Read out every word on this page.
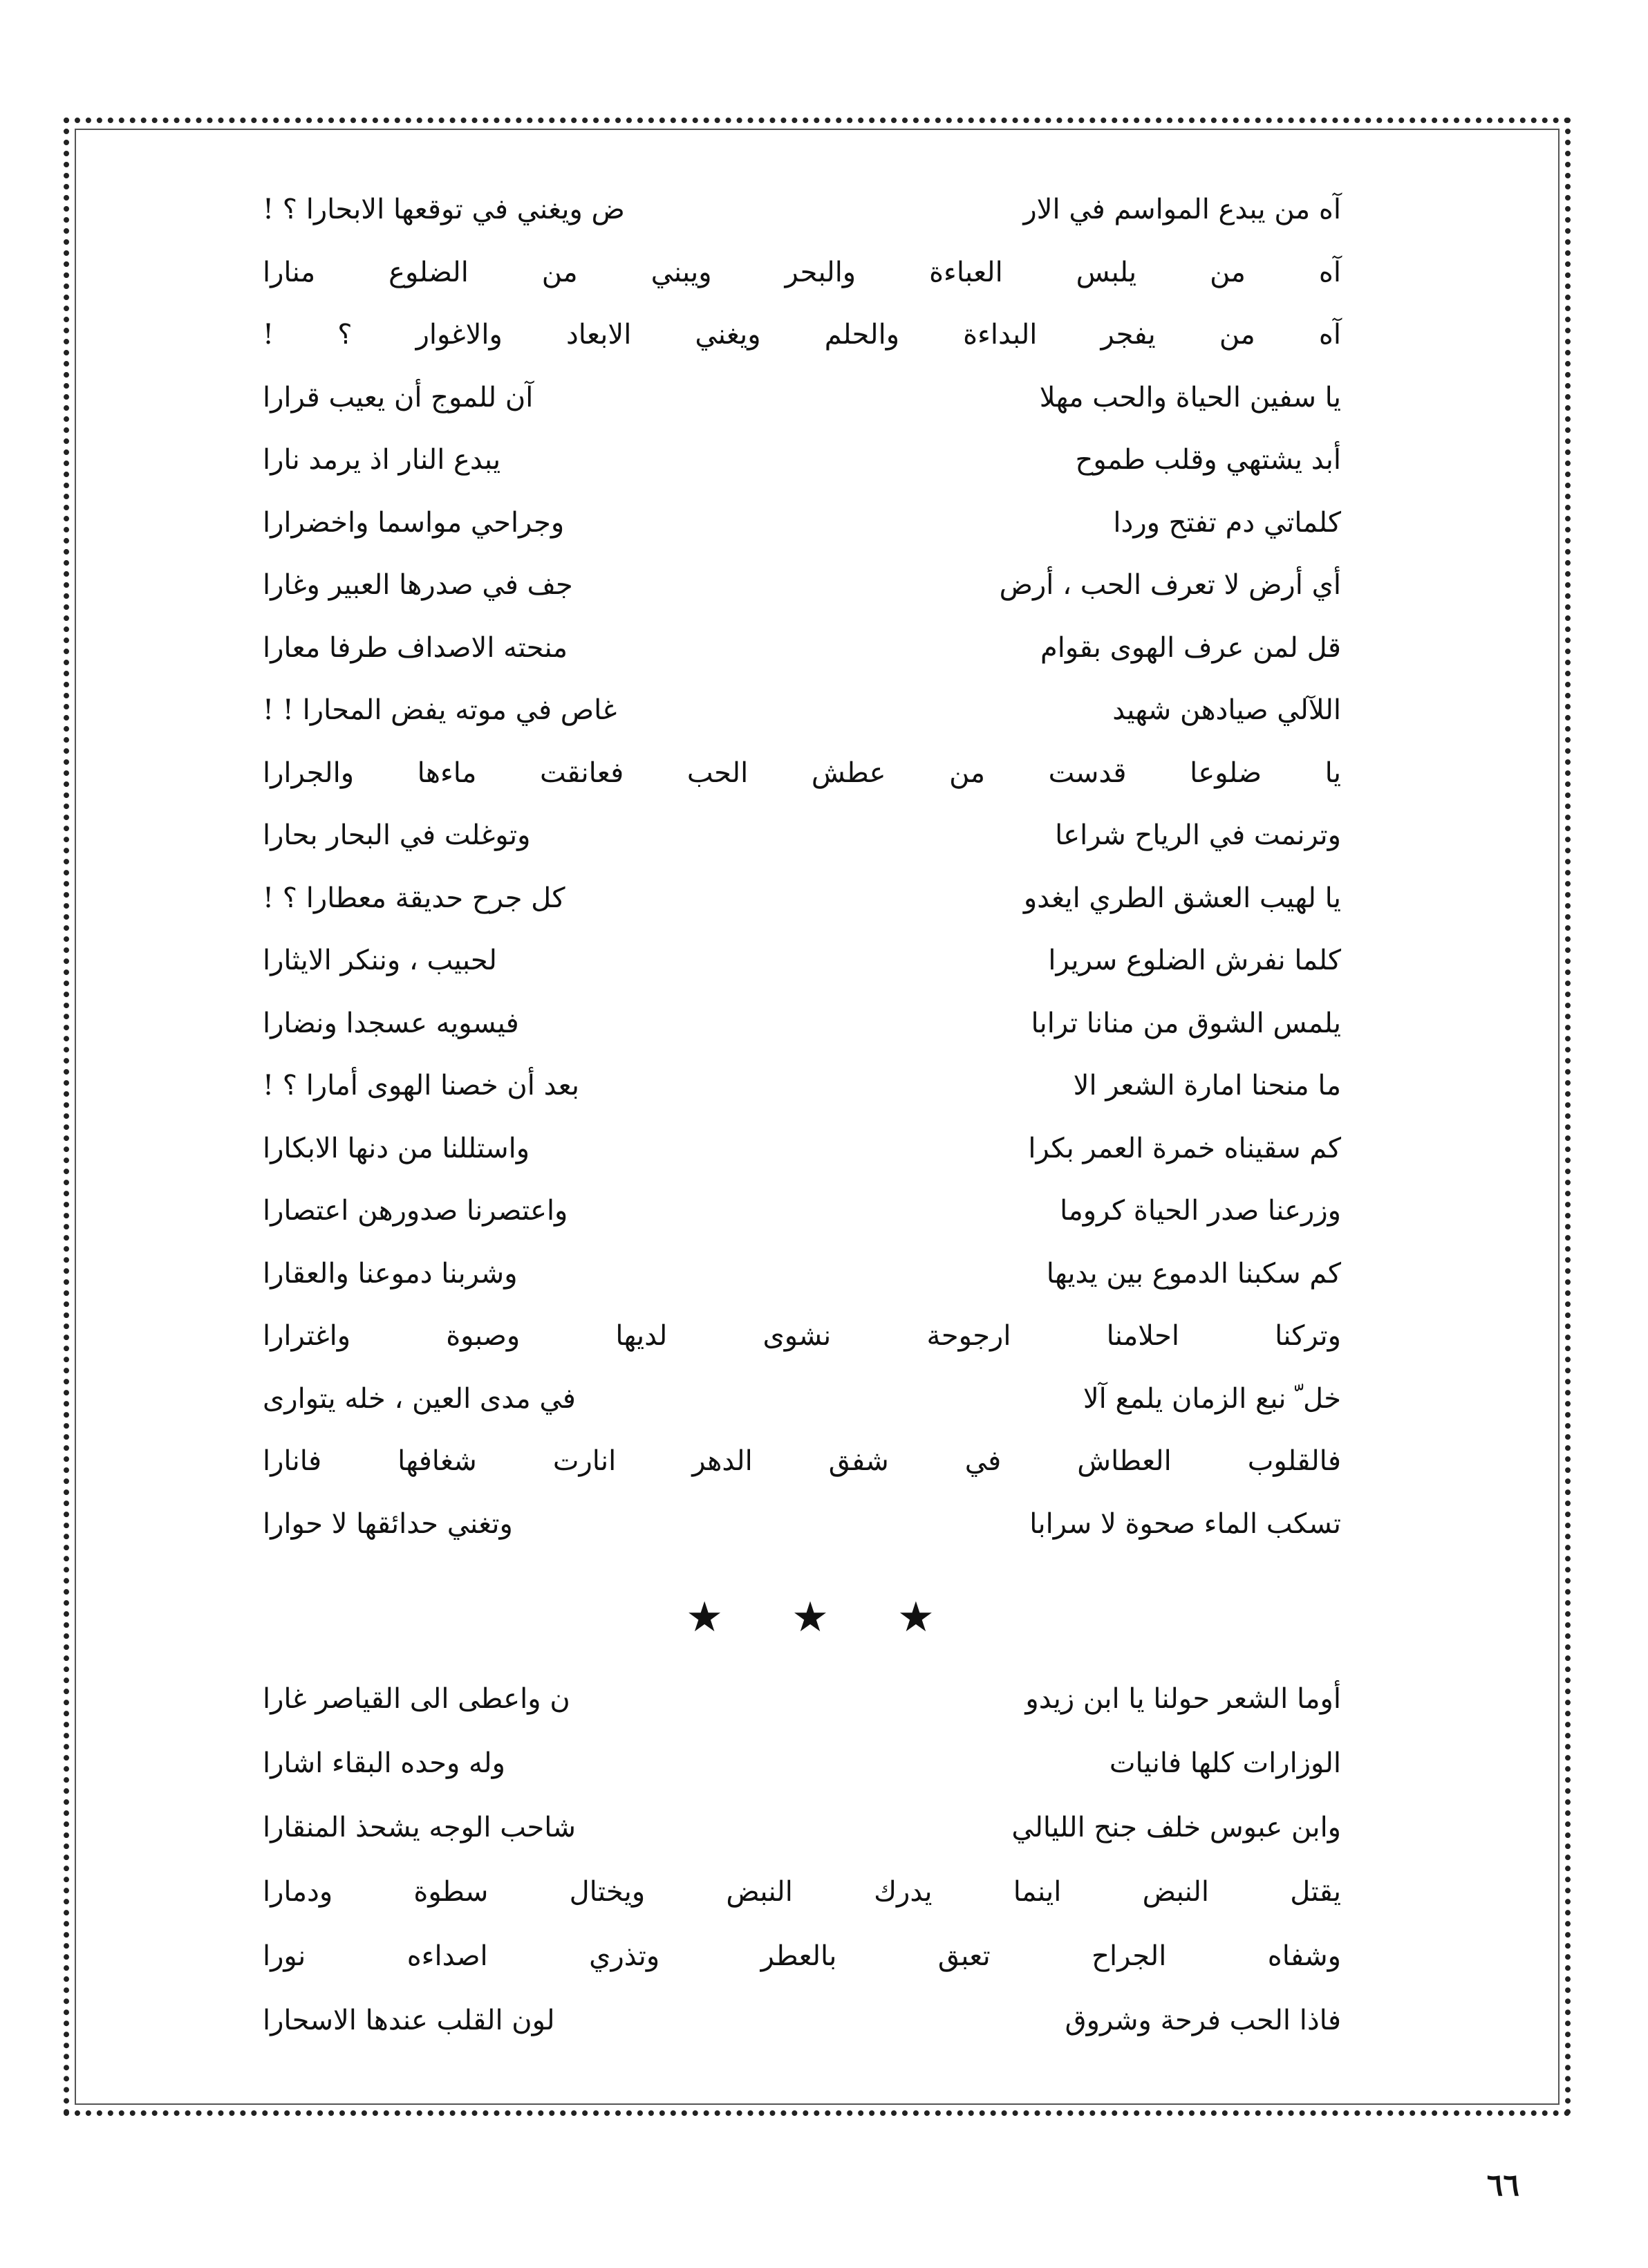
آه من يبدع المواسم في الار
ض ويغني في توقعها الابحارا ؟ !
آه من يلبس العباءة والبحر ويبني من الضلوع منارا
آه من يفجر البداءة والحلم ويغني الابعاد والاغوار ؟ !
يا سفين الحياة والحب مهلا
آن للموج أن يعيب قرارا
أبد يشتهي وقلب طموح
يبدع النار اذ يرمد نارا
كلماتي دم تفتح وردا
وجراحي مواسما واخضرارا
أي أرض لا تعرف الحب ، أرض
جف في صدرها العبير وغارا
قل لمن عرف الهوى بقوام
منحته الاصداف طرفا معارا
اللآلي صيادهن شهيد
غاص في موته يفض المحارا ! !
يا ضلوعا قدست من عطش الحب فعانقت ماءها والجرارا
وترنمت في الرياح شراعا
وتوغلت في البحار بحارا
يا لهيب العشق الطري ايغدو
كل جرح حديقة معطارا ؟ !
كلما نفرش الضلوع سريرا
لحبيب ، وننكر الايثارا
يلمس الشوق من منانا ترابا
فيسويه عسجدا ونضارا
ما منحنا امارة الشعر الا
بعد أن خصنا الهوى أمارا ؟ !
كم سقيناه خمرة العمر بكرا
واستللنا من دنها الابكارا
وزرعنا صدر الحياة كروما
واعتصرنا صدورهن اعتصارا
كم سكبنا الدموع بين يديها
وشربنا دموعنا والعقارا
وتركنا احلامنا ارجوحة نشوى لديها وصبوة واغترارا
خل ّ نبع الزمان يلمع آلا
في مدى العين ، خله يتوارى
فالقلوب العطاش في شفق الدهر انارت شغافها فانارا
تسكب الماء صحوة لا سرابا
وتغني حدائقها لا حوارا
★ ★ ★
أوما الشعر حولنا يا ابن زيدو
ن واعطى الى القياصر غارا
الوزارات كلها فانيات
وله وحده البقاء اشارا
وابن عبوس خلف جنح الليالي
شاحب الوجه يشحذ المنقارا
يقتل النبض اينما يدرك النبض ويختال سطوة ودمارا
وشفاه الجراح تعبق بالعطر وتذري اصداءه نورا
فاذا الحب فرحة وشروق
لون القلب عندها الاسحارا
٦٦
